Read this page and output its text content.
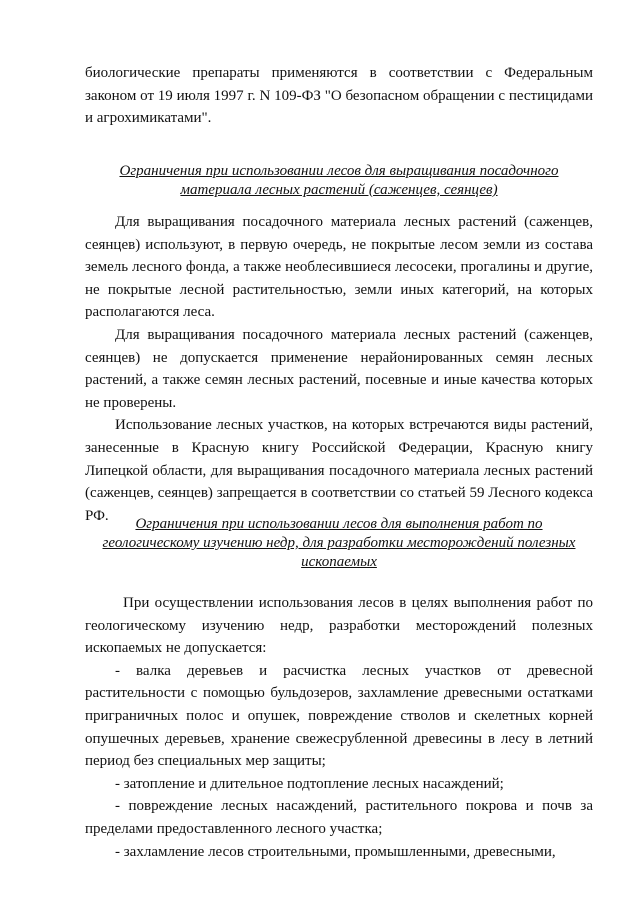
биологические препараты применяются в соответствии с Федеральным законом от 19 июля 1997 г. N 109-ФЗ "О безопасном обращении с пестицидами и агрохимикатами".

Ограничения при использовании лесов для выращивания посадочного материала лесных растений (саженцев, сеянцев)

Для выращивания посадочного материала лесных растений (саженцев, сеянцев) используют, в первую очередь, не покрытые лесом земли из состава земель лесного фонда, а также необлесившиеся лесосеки, прогалины и другие, не покрытые лесной растительностью, земли иных категорий, на которых располагаются леса.

Для выращивания посадочного материала лесных растений (саженцев, сеянцев) не допускается применение нерайонированных семян лесных растений, а также семян лесных растений, посевные и иные качества которых не проверены.

Использование лесных участков, на которых встречаются виды растений, занесенные в Красную книгу Российской Федерации, Красную книгу Липецкой области, для выращивания посадочного материала лесных растений (саженцев, сеянцев) запрещается в соответствии со статьей 59 Лесного кодекса РФ.

Ограничения при использовании лесов для выполнения работ по геологическому изучению недр, для разработки месторождений полезных ископаемых

При осуществлении использования лесов в целях выполнения работ по геологическому изучению недр, разработки месторождений полезных ископаемых не допускается:

- валка деревьев и расчистка лесных участков от древесной растительности с помощью бульдозеров, захламление древесными остатками приграничных полос и опушек, повреждение стволов и скелетных корней опушечных деревьев, хранение свежесрубленной древесины в лесу в летний период без специальных мер защиты;

- затопление и длительное подтопление лесных насаждений;

- повреждение лесных насаждений, растительного покрова и почв за пределами предоставленного лесного участка;

- захламление лесов строительными, промышленными, древесными,
